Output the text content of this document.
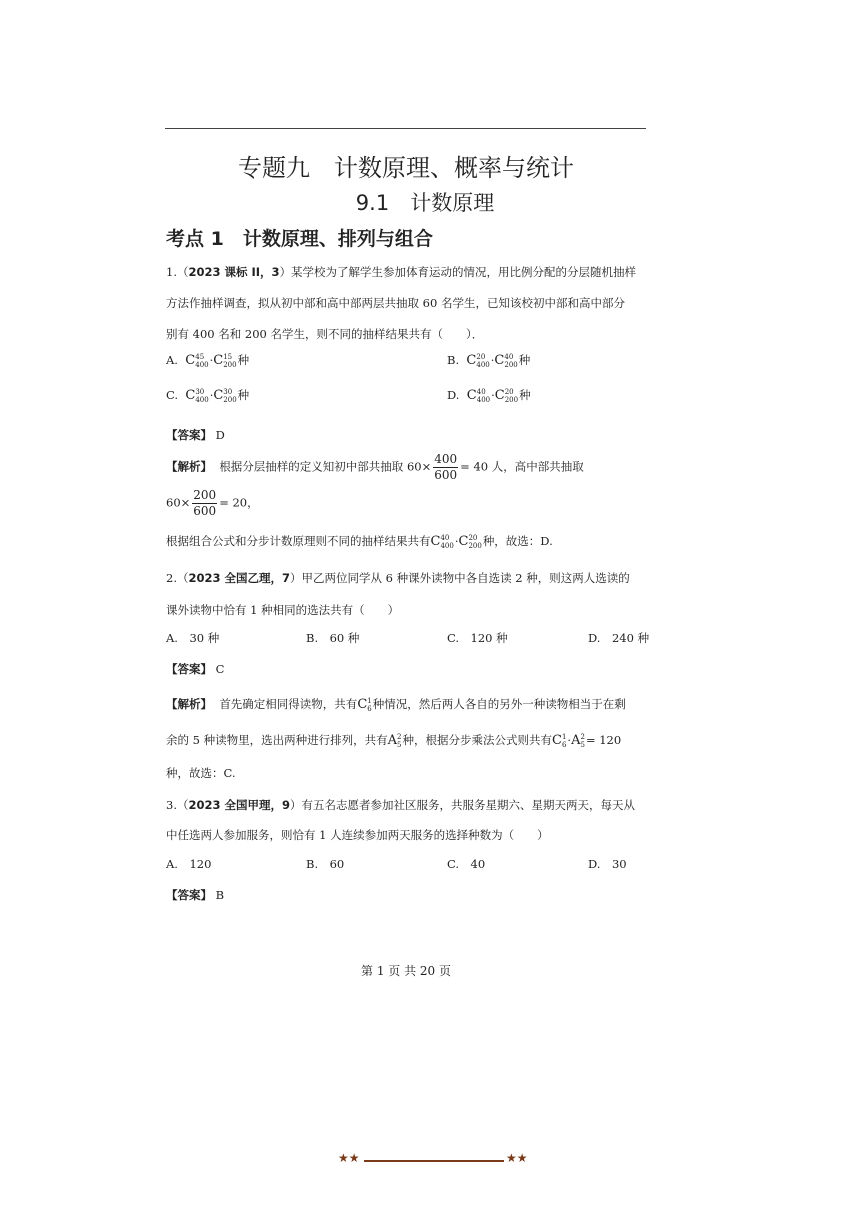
专题九　计数原理、概率与统计
9.1　计数原理
考点 1　计数原理、排列与组合
1.（2023 课标 II，3）某学校为了解学生参加体育运动的情况，用比例分配的分层随机抽样
方法作抽样调查，拟从初中部和高中部两层共抽取 60 名学生，已知该校初中部和高中部分
别有 400 名和 200 名学生，则不同的抽样结果共有（　　）．
A. C 45
400 ·C 15
200 种	B. C 20
400 ·C 40
200 种
C. C 30
400 ·C 30
200 种	D. C 40
400 ·C 20
200 种
【答案】 D
【解析】 根据分层抽样的定义知初中部共抽取 $60\times \frac{400}{600} = 40$ 人，高中部共抽取
$60\times \frac{200}{600} = 20$，
根据组合公式和分步计数原理则不同的抽样结果共有C 40
400 ·C 20
200 种，故选：D.
2.（2023 全国乙理，7）甲乙两位同学从 6 种课外读物中各自选读 2 种，则这两人选读的
课外读物中恰有 1 种相同的选法共有（　　）
A.　30 种	B.　60 种	C.　120 种	D.　240 种
【答案】 C
【解析】 首先确定相同得读物，共有C 1
6 种情况，然后两人各自的另外一种读物相当于在剩
余的 5 种读物里，选出两种进行排列，共有A 2
5 种，根据分步乘法公式则共有C 1
6 ·A 2
5 = 120
种，故选：C.
3.（2023 全国甲理，9）有五名志愿者参加社区服务，共服务星期六、星期天两天，每天从
中任选两人参加服务，则恰有 1 人连续参加两天服务的选择种数为（　　）
A.　120	B.　60	C.　40	D.　30
【答案】 B
第 1 页 共 20 页
★★	★★
